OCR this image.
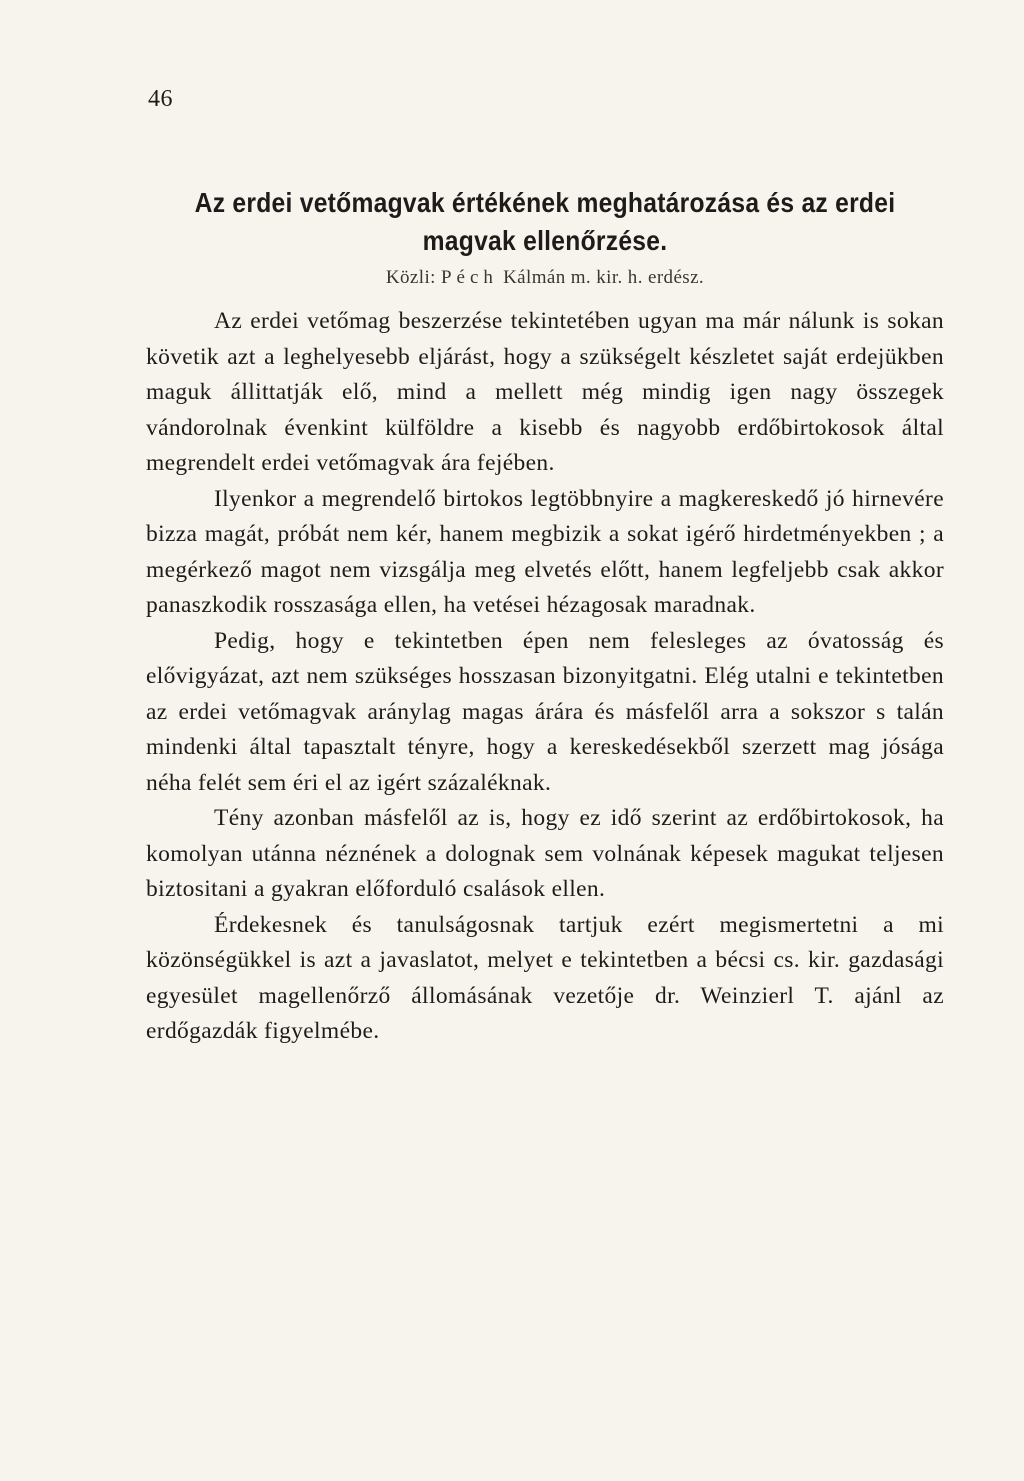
46
Az erdei vetőmagvak értékének meghatározása és az erdei magvak ellenőrzése.
Közli: Péch Kálmán m. kir. h. erdész.

Az erdei vetőmag beszerzése tekintetében ugyan ma már nálunk is sokan követik azt a leghelyesebb eljárást, hogy a szükségelt készletet saját erdejükben maguk állittatják elő, mind a mellett még mindig igen nagy összegek vándorolnak évenkint külföldre a kisebb és nagyobb erdőbirtokosok által megrendelt erdei vetőmagvak ára fejében.

Ilyenkor a megrendelő birtokos legtöbbnyire a magkereskedő jó hirnevére bizza magát, próbát nem kér, hanem megbizik a sokat igérő hirdetményekben ; a megérkező magot nem vizsgálja meg elvetés előtt, hanem legfeljebb csak akkor panaszkodik rosszasága ellen, ha vetései hézagosak maradnak.

Pedig, hogy e tekintetben épen nem felesleges az óvatosság és elővigyázat, azt nem szükséges hosszasan bizonyitgatni. Elég utalni e tekintetben az erdei vetőmagvak aránylag magas árára és másfelől arra a sokszor s talán mindenki által tapasztalt tényre, hogy a kereskedésekből szerzett mag jósága néha felét sem éri el az igért százaléknak.

Tény azonban másfelől az is, hogy ez idő szerint az erdőbirtokosok, ha komolyan utánna néznének a dolognak sem volnának képesek magukat teljesen biztositani a gyakran előforduló csalások ellen.

Érdekesnek és tanulságosnak tartjuk ezért megismertetni a mi közönségükkel is azt a javaslatot, melyet e tekintetben a bécsi cs. kir. gazdasági egyesület magellenőrző állomásának vezetője dr. Weinzierl T. ajánl az erdőgazdák figyelmébe.
